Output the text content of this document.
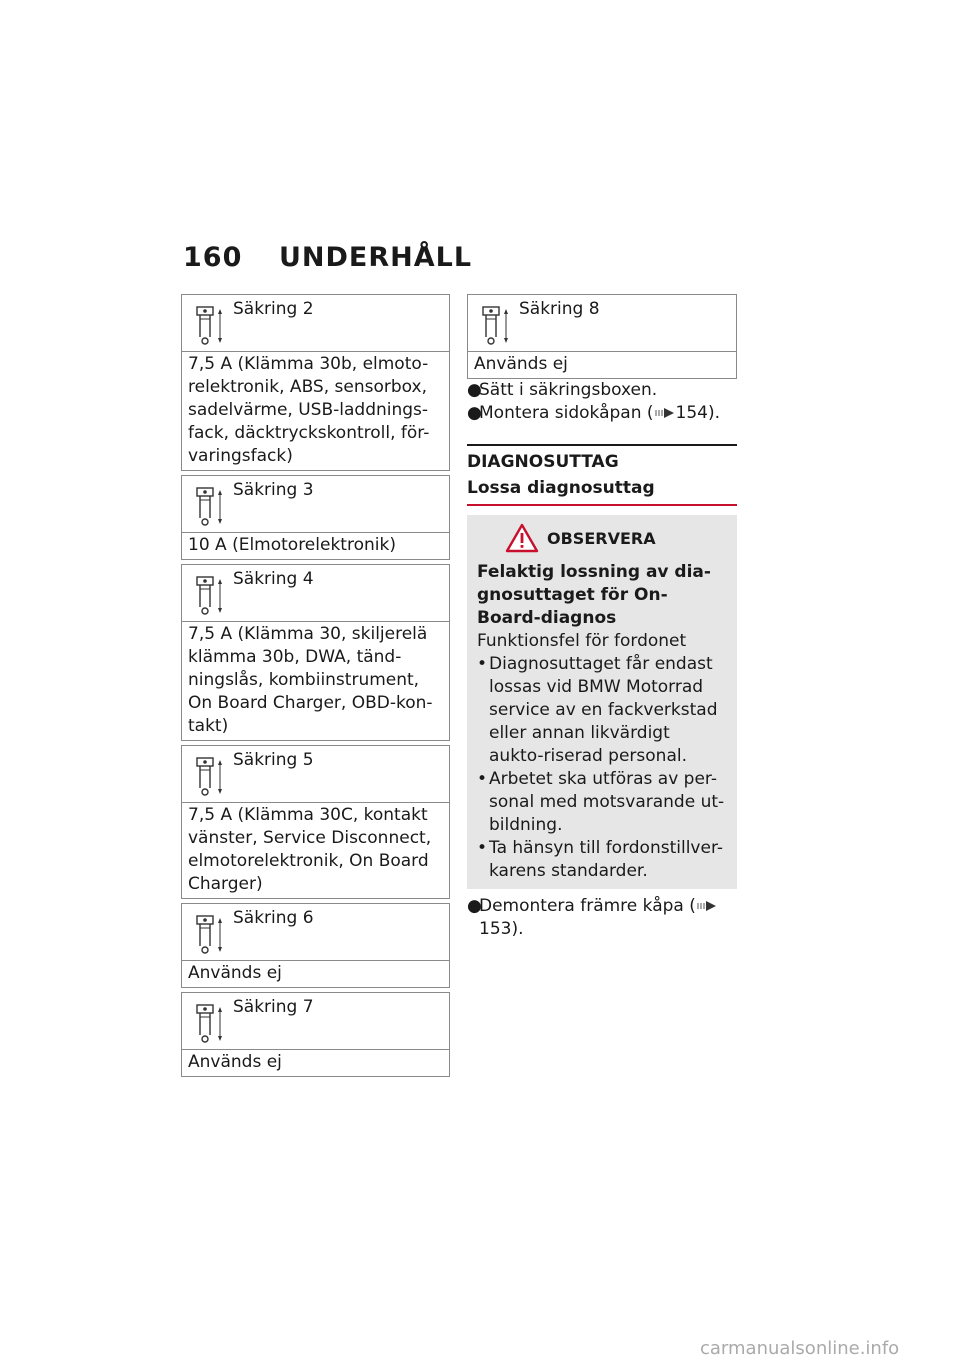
160 UNDERHÅLL
Säkring 2
7,5 A (Klämma 30b, elmoto-relektronik, ABS, sensorbox, sadelvärme, USB-laddnings-fack, däcktryckskontroll, för-varingsfack)
Säkring 3
10 A (Elmotorelektronik)
Säkring 4
7,5 A (Klämma 30, skiljerelä klämma 30b, DWA, tänd-ningslås, kombiinstrument, On Board Charger, OBD-kon-takt)
Säkring 5
7,5 A (Klämma 30C, kontakt vänster, Service Disconnect, elmotorelektronik, On Board Charger)
Säkring 6
Används ej
Säkring 7
Används ej
Säkring 8
Används ej
●Sätt i säkringsboxen.
●Montera sidokåpan ( 154).
DIAGNOSUTTAG
Lossa diagnosuttag
OBSERVERA
Felaktig lossning av dia-gnosuttaget för On-Board-diagnos
Funktionsfel för fordonet
• Diagnosuttaget får endast lossas vid BMW Motorrad service av en fackverkstad eller annan likvärdigt aukto-riserad personal.
• Arbetet ska utföras av per-sonal med motsvarande ut-bildning.
• Ta hänsyn till fordonstillver-karens standarder.
●Demontera främre kåpa (153).
carmanualsonline.info
